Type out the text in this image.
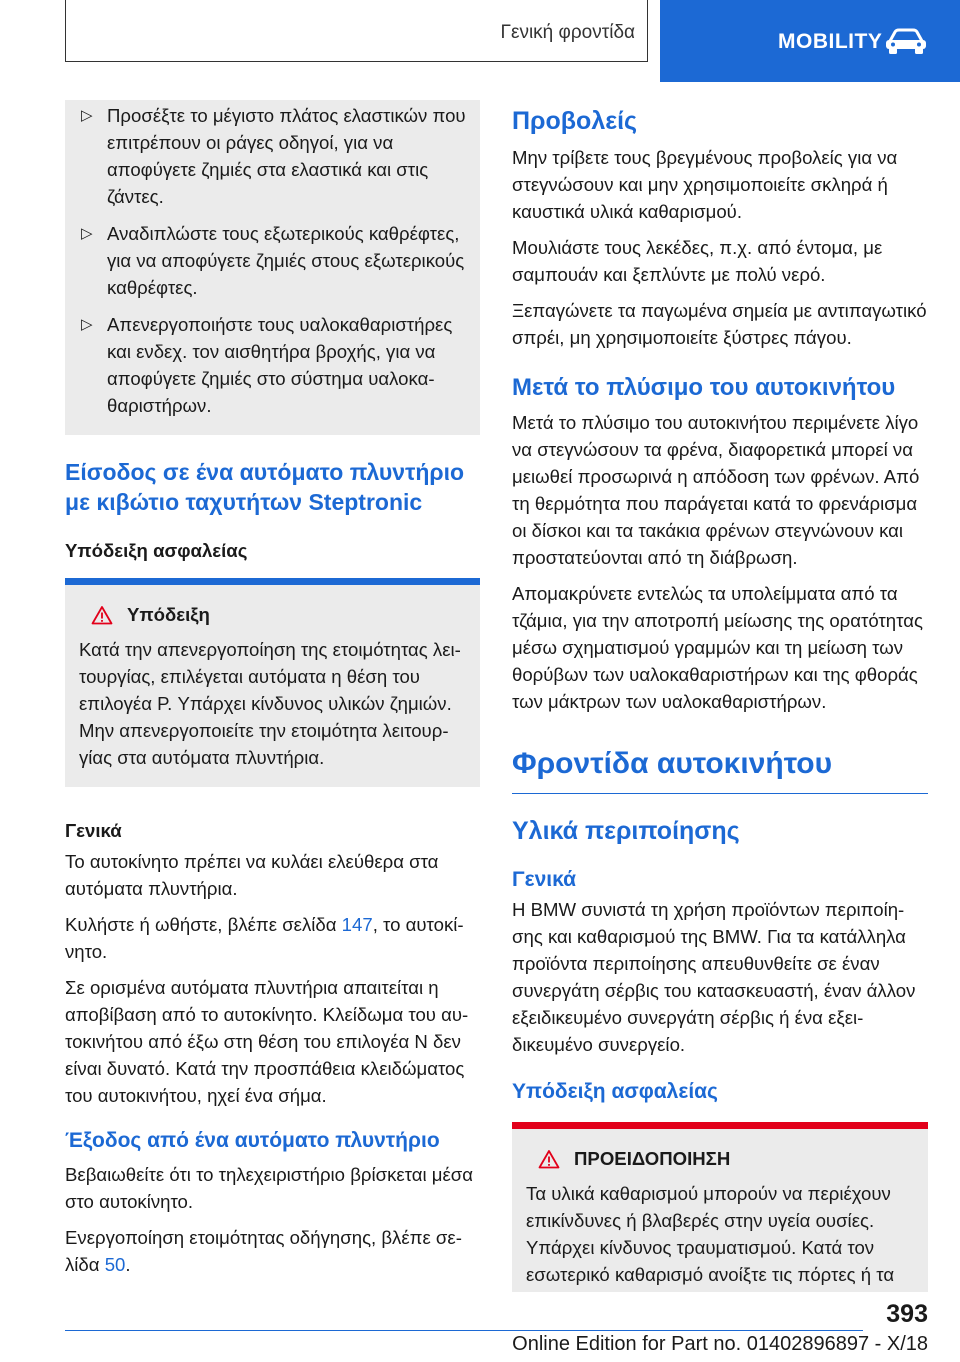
Γενική φροντίδα	MOBILITY
▷ Προσέξτε το μέγιστο πλάτος ελαστικών που επιτρέπουν οι ράγες οδηγοί, για να αποφύγετε ζημιές στα ελαστικά και στις ζάντες.
▷ Αναδιπλώστε τους εξωτερικούς καθρέφτες, για να αποφύγετε ζημιές στους εξωτερικούς καθρέφτες.
▷ Απενεργοποιήστε τους υαλοκαθαριστήρες και ενδεχ. τον αισθητήρα βροχής, για να αποφύγετε ζημιές στο σύστημα υαλοκαθαριστήρων.
Είσοδος σε ένα αυτόματο πλυντήριο με κιβώτιο ταχυτήτων Steptronic
Υπόδειξη ασφαλείας
Υπόδειξη
Κατά την απενεργοποίηση της ετοιμότητας λειτουργίας, επιλέγεται αυτόματα η θέση του επιλογέα P. Υπάρχει κίνδυνος υλικών ζημιών. Μην απενεργοποιείτε την ετοιμότητα λειτουργίας στα αυτόματα πλυντήρια.
Γενικά

Το αυτοκίνητο πρέπει να κυλάει ελεύθερα στα αυτόματα πλυντήρια.

Κυλήστε ή ωθήστε, βλέπε σελίδα 147, το αυτοκίνητο.

Σε ορισμένα αυτόματα πλυντήρια απαιτείται η αποβίβαση από το αυτοκίνητο. Κλείδωμα του αυτοκινήτου από έξω στη θέση του επιλογέα N δεν είναι δυνατό. Κατά την προσπάθεια κλειδώματος του αυτοκινήτου, ηχεί ένα σήμα.

Έξοδος από ένα αυτόματο πλυντήριο

Βεβαιωθείτε ότι το τηλεχειριστήριο βρίσκεται μέσα στο αυτοκίνητο.

Ενεργοποίηση ετοιμότητας οδήγησης, βλέπε σελίδα 50.

Προβολείς

Μην τρίβετε τους βρεγμένους προβολείς για να στεγνώσουν και μην χρησιμοποιείτε σκληρά ή καυστικά υλικά καθαρισμού.

Μουλιάστε τους λεκέδες, π.χ. από έντομα, με σαμπουάν και ξεπλύντε με πολύ νερό.

Ξεπαγώνετε τα παγωμένα σημεία με αντιπαγωτικό σπρέι, μη χρησιμοποιείτε ξύστρες πάγου.

Μετά το πλύσιμο του αυτοκινήτου

Μετά το πλύσιμο του αυτοκινήτου περιμένετε λίγο να στεγνώσουν τα φρένα, διαφορετικά μπορεί να μειωθεί προσωρινά η απόδοση των φρένων. Από τη θερμότητα που παράγεται κατά το φρενάρισμα οι δίσκοι και τα τακάκια φρένων στεγνώνουν και προστατεύονται από τη διάβρωση.

Απομακρύνετε εντελώς τα υπολείμματα από τα τζάμια, για την αποτροπή μείωσης της ορατότητας μέσω σχηματισμού γραμμών και τη μείωση των θορύβων των υαλοκαθαριστήρων και της φθοράς των μάκτρων των υαλοκαθαριστήρων.

Φροντίδα αυτοκινήτου
Υλικά περιποίησης
Γενικά

Η BMW συνιστά τη χρήση προϊόντων περιποίησης και καθαρισμού της BMW. Για τα κατάλληλα προϊόντα περιποίησης απευθυνθείτε σε έναν συνεργάτη σέρβις του κατασκευαστή, έναν άλλον εξειδικευμένο συνεργάτη σέρβις ή ένα εξειδικευμένο συνεργείο.

Υπόδειξη ασφαλείας
ΠΡΟΕΙΔΟΠΟΙΗΣΗ
Τα υλικά καθαρισμού μπορούν να περιέχουν επικίνδυνες ή βλαβερές στην υγεία ουσίες. Υπάρχει κίνδυνος τραυματισμού. Κατά τον εσωτερικό καθαρισμό ανοίξτε τις πόρτες ή τα
393
Online Edition for Part no. 01402896897 - X/18
